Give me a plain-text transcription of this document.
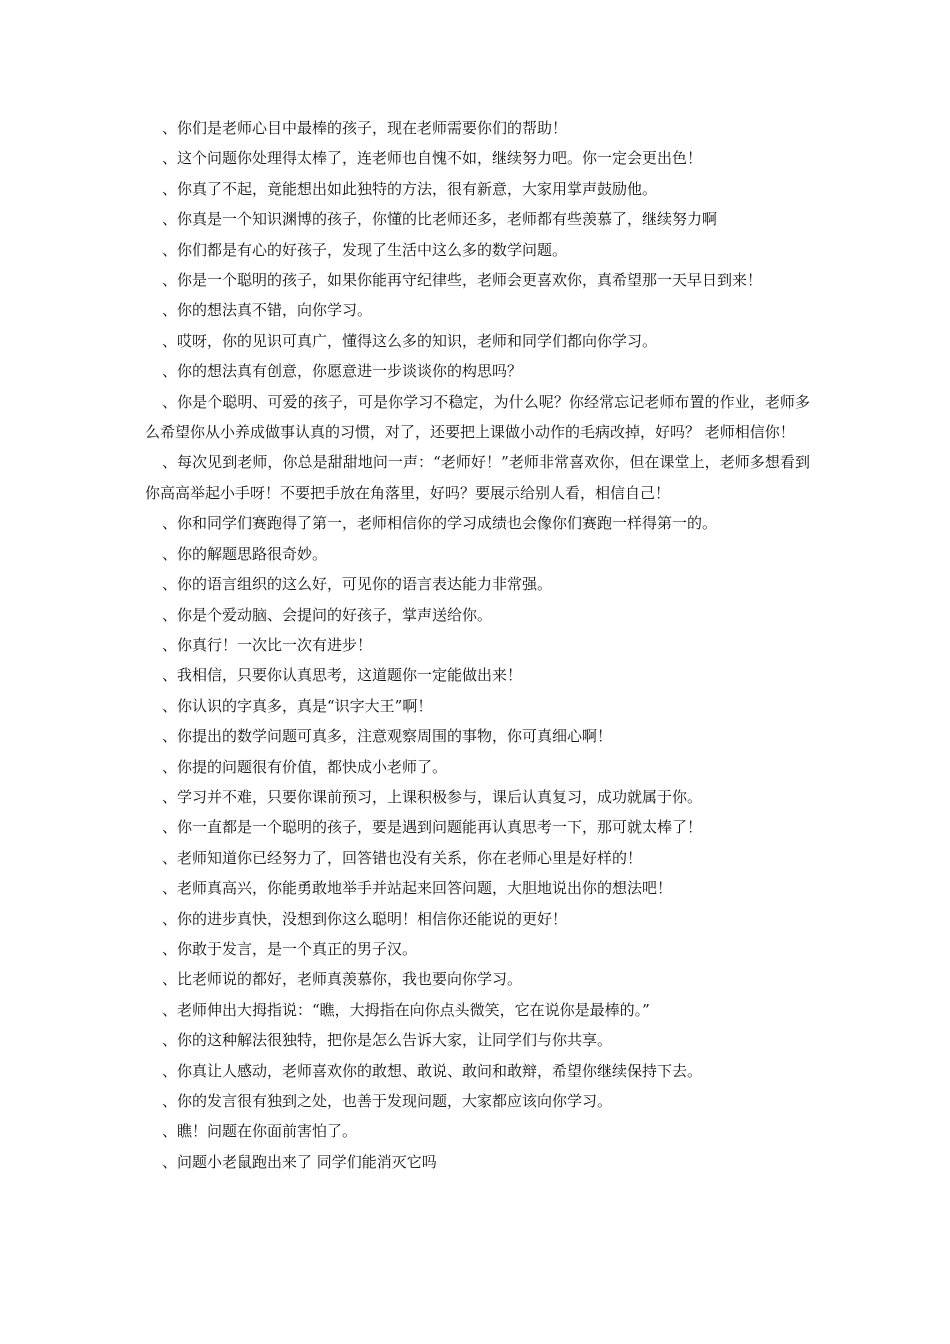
、你们是老师心目中最棒的孩子，现在老师需要你们的帮助！
、这个问题你处理得太棒了，连老师也自愧不如，继续努力吧。你一定会更出色！
、你真了不起，竟能想出如此独特的方法，很有新意，大家用掌声鼓励他。
、你真是一个知识渊博的孩子，你懂的比老师还多，老师都有些羡慕了，继续努力啊
、你们都是有心的好孩子，发现了生活中这么多的数学问题。
、你是一个聪明的孩子，如果你能再守纪律些，老师会更喜欢你，真希望那一天早日到来！
、你的想法真不错，向你学习。
、哎呀，你的见识可真广，懂得这么多的知识，老师和同学们都向你学习。
、你的想法真有创意，你愿意进一步谈谈你的构思吗？
、你是个聪明、可爱的孩子，可是你学习不稳定，为什么呢？你经常忘记老师布置的作业，老师多么希望你从小养成做事认真的习惯，对了，还要把上课做小动作的毛病改掉，好吗？ 老师相信你！
、每次见到老师，你总是甜甜地问一声：“老师好！”老师非常喜欢你，但在课堂上，老师多想看到你高高举起小手呀！不要把手放在角落里，好吗？要展示给别人看，相信自己！
、你和同学们赛跑得了第一，老师相信你的学习成绩也会像你们赛跑一样得第一的。
、你的解题思路很奇妙。
、你的语言组织的这么好，可见你的语言表达能力非常强。
、你是个爱动脑、会提问的好孩子，掌声送给你。
、你真行！一次比一次有进步！
、我相信，只要你认真思考，这道题你一定能做出来！
、你认识的字真多，真是“识字大王”啊！
、你提出的数学问题可真多，注意观察周围的事物，你可真细心啊！
、你提的问题很有价值，都快成小老师了。
、学习并不难，只要你课前预习，上课积极参与，课后认真复习，成功就属于你。
、你一直都是一个聪明的孩子，要是遇到问题能再认真思考一下，那可就太棒了！
、老师知道你已经努力了，回答错也没有关系，你在老师心里是好样的！
、老师真高兴，你能勇敢地举手并站起来回答问题，大胆地说出你的想法吧！
、你的进步真快，没想到你这么聪明！相信你还能说的更好！
、你敢于发言，是一个真正的男子汉。
、比老师说的都好，老师真羡慕你，我也要向你学习。
、老师伸出大拇指说：“瞧，大拇指在向你点头微笑，它在说你是最棒的。”
、你的这种解法很独特，把你是怎么告诉大家，让同学们与你共享。
、你真让人感动，老师喜欢你的敢想、敢说、敢问和敢辩，希望你继续保持下去。
、你的发言很有独到之处，也善于发现问题，大家都应该向你学习。
、瞧！问题在你面前害怕了。
、问题小老鼠跑出来了 同学们能消灭它吗
